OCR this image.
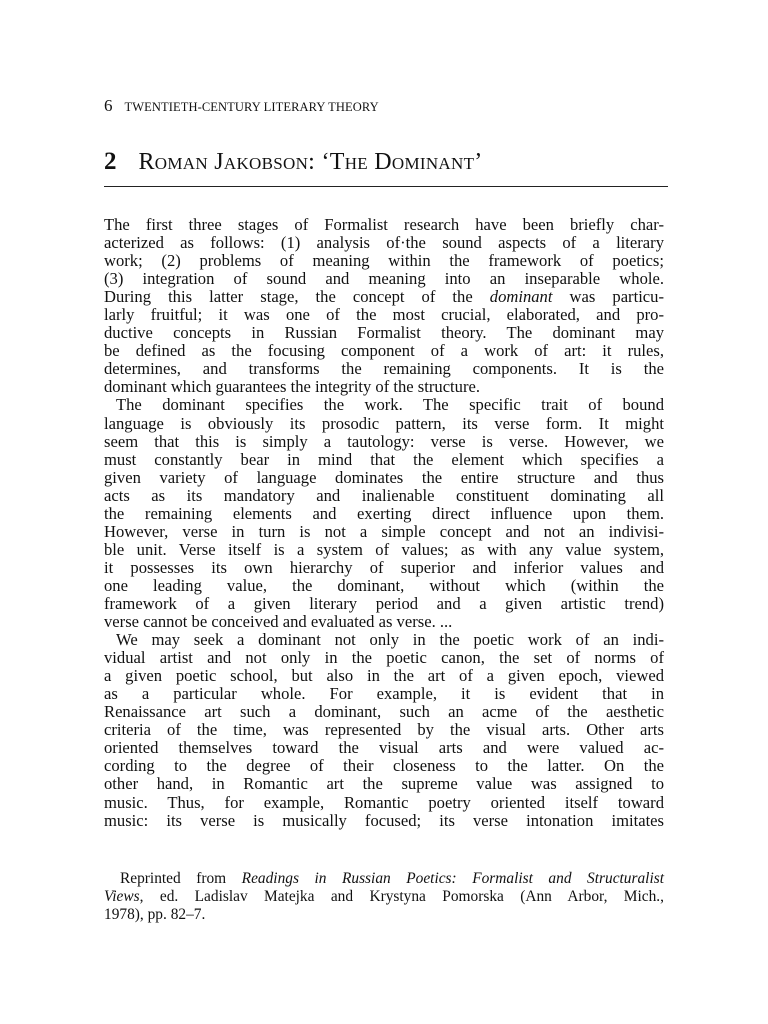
6 TWENTIETH-CENTURY LITERARY THEORY
2 Roman Jakobson: ‘The Dominant’
The first three stages of Formalist research have been briefly char-
acterized as follows: (1) analysis of·the sound aspects of a literary
work; (2) problems of meaning within the framework of poetics;
(3) integration of sound and meaning into an inseparable whole.
During this latter stage, the concept of the dominant was particu-
larly fruitful; it was one of the most crucial, elaborated, and pro-
ductive concepts in Russian Formalist theory. The dominant may
be defined as the focusing component of a work of art: it rules,
determines, and transforms the remaining components. It is the
dominant which guarantees the integrity of the structure.
The dominant specifies the work. The specific trait of bound
language is obviously its prosodic pattern, its verse form. It might
seem that this is simply a tautology: verse is verse. However, we
must constantly bear in mind that the element which specifies a
given variety of language dominates the entire structure and thus
acts as its mandatory and inalienable constituent dominating all
the remaining elements and exerting direct influence upon them.
However, verse in turn is not a simple concept and not an indivisi-
ble unit. Verse itself is a system of values; as with any value system,
it possesses its own hierarchy of superior and inferior values and
one leading value, the dominant, without which (within the
framework of a given literary period and a given artistic trend)
verse cannot be conceived and evaluated as verse. ...
We may seek a dominant not only in the poetic work of an indi-
vidual artist and not only in the poetic canon, the set of norms of
a given poetic school, but also in the art of a given epoch, viewed
as a particular whole. For example, it is evident that in
Renaissance art such a dominant, such an acme of the aesthetic
criteria of the time, was represented by the visual arts. Other arts
oriented themselves toward the visual arts and were valued ac-
cording to the degree of their closeness to the latter. On the
other hand, in Romantic art the supreme value was assigned to
music. Thus, for example, Romantic poetry oriented itself toward
music: its verse is musically focused; its verse intonation imitates
Reprinted from Readings in Russian Poetics: Formalist and Structuralist
Views, ed. Ladislav Matejka and Krystyna Pomorska (Ann Arbor, Mich.,
1978), pp. 82–7.
